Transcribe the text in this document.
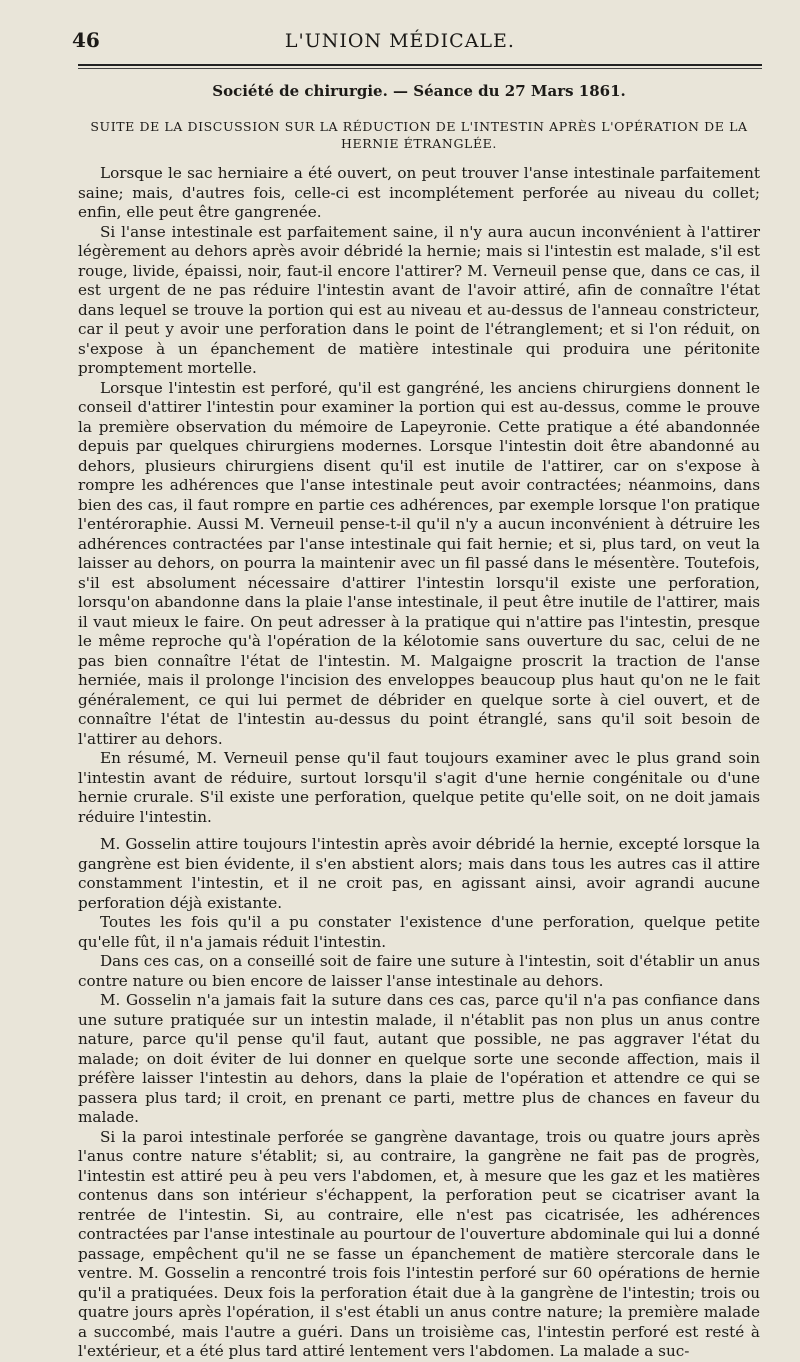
46	L'UNION MÉDICALE.
Société de chirurgie. — Séance du 27 Mars 1861.
SUITE DE LA DISCUSSION SUR LA RÉDUCTION DE L'INTESTIN APRÈS L'OPÉRATION DE LA HERNIE ÉTRANGLÉE.

Lorsque le sac herniaire a été ouvert, on peut trouver l'anse intestinale parfaitement saine; mais, d'autres fois, celle-ci est incomplétement perforée au niveau du collet; enfin, elle peut être gangrenée.

Si l'anse intestinale est parfaitement saine, il n'y aura aucun inconvénient à l'attirer légèrement au dehors après avoir débridé la hernie; mais si l'intestin est malade, s'il est rouge, livide, épaissi, noir, faut-il encore l'attirer? M. Verneuil pense que, dans ce cas, il est urgent de ne pas réduire l'intestin avant de l'avoir attiré, afin de connaître l'état dans lequel se trouve la portion qui est au niveau et au-dessus de l'anneau constricteur, car il peut y avoir une perforation dans le point de l'étranglement; et si l'on réduit, on s'expose à un épanchement de matière intestinale qui produira une péritonite promptement mortelle.

Lorsque l'intestin est perforé, qu'il est gangréné, les anciens chirurgiens donnent le conseil d'attirer l'intestin pour examiner la portion qui est au-dessus, comme le prouve la première observation du mémoire de Lapeyronie. Cette pratique a été abandonnée depuis par quelques chirurgiens modernes. Lorsque l'intestin doit être abandonné au dehors, plusieurs chirurgiens disent qu'il est inutile de l'attirer, car on s'expose à rompre les adhérences que l'anse intestinale peut avoir contractées; néanmoins, dans bien des cas, il faut rompre en partie ces adhérences, par exemple lorsque l'on pratique l'entéroraphie. Aussi M. Verneuil pense-t-il qu'il n'y a aucun inconvénient à détruire les adhérences contractées par l'anse intestinale qui fait hernie; et si, plus tard, on veut la laisser au dehors, on pourra la maintenir avec un fil passé dans le mésentère. Toutefois, s'il est absolument nécessaire d'attirer l'intestin lorsqu'il existe une perforation, lorsqu'on abandonne dans la plaie l'anse intestinale, il peut être inutile de l'attirer, mais il vaut mieux le faire. On peut adresser à la pratique qui n'attire pas l'intestin, presque le même reproche qu'à l'opération de la kélotomie sans ouverture du sac, celui de ne pas bien connaître l'état de l'intestin. M. Malgaigne proscrit la traction de l'anse herniée, mais il prolonge l'incision des enveloppes beaucoup plus haut qu'on ne le fait généralement, ce qui lui permet de débrider en quelque sorte à ciel ouvert, et de connaître l'état de l'intestin au-dessus du point étranglé, sans qu'il soit besoin de l'attirer au dehors.

En résumé, M. Verneuil pense qu'il faut toujours examiner avec le plus grand soin l'intestin avant de réduire, surtout lorsqu'il s'agit d'une hernie congénitale ou d'une hernie crurale. S'il existe une perforation, quelque petite qu'elle soit, on ne doit jamais réduire l'intestin.

M. Gosselin attire toujours l'intestin après avoir débridé la hernie, excepté lorsque la gangrène est bien évidente, il s'en abstient alors; mais dans tous les autres cas il attire constamment l'intestin, et il ne croit pas, en agissant ainsi, avoir agrandi aucune perforation déjà existante.

Toutes les fois qu'il a pu constater l'existence d'une perforation, quelque petite qu'elle fût, il n'a jamais réduit l'intestin.

Dans ces cas, on a conseillé soit de faire une suture à l'intestin, soit d'établir un anus contre nature ou bien encore de laisser l'anse intestinale au dehors.

M. Gosselin n'a jamais fait la suture dans ces cas, parce qu'il n'a pas confiance dans une suture pratiquée sur un intestin malade, il n'établit pas non plus un anus contre nature, parce qu'il pense qu'il faut, autant que possible, ne pas aggraver l'état du malade; on doit éviter de lui donner en quelque sorte une seconde affection, mais il préfère laisser l'intestin au dehors, dans la plaie de l'opération et attendre ce qui se passera plus tard; il croit, en prenant ce parti, mettre plus de chances en faveur du malade.

Si la paroi intestinale perforée se gangrène davantage, trois ou quatre jours après l'anus contre nature s'établit; si, au contraire, la gangrène ne fait pas de progrès, l'intestin est attiré peu à peu vers l'abdomen, et, à mesure que les gaz et les matières contenus dans son intérieur s'échappent, la perforation peut se cicatriser avant la rentrée de l'intestin. Si, au contraire, elle n'est pas cicatrisée, les adhérences contractées par l'anse intestinale au pourtour de l'ouverture abdominale qui lui a donné passage, empêchent qu'il ne se fasse un épanchement de matière stercorale dans le ventre. M. Gosselin a rencontré trois fois l'intestin perforé sur 60 opérations de hernie qu'il a pratiquées. Deux fois la perforation était due à la gangrène de l'intestin; trois ou quatre jours après l'opération, il s'est établi un anus contre nature; la première malade a succombé, mais l'autre a guéri. Dans un troisième cas, l'intestin perforé est resté à l'extérieur, et a été plus tard attiré lentement vers l'abdomen. La malade a suc-
